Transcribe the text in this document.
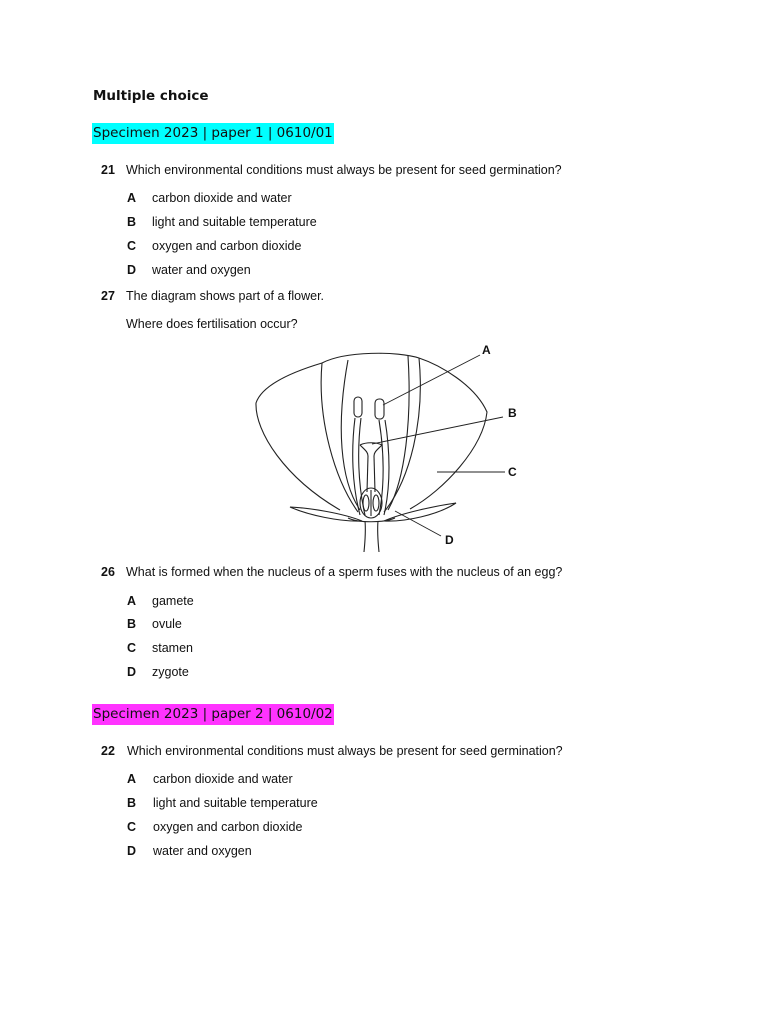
Multiple choice
Specimen 2023 | paper 1 | 0610/01
21 Which environmental conditions must always be present for seed germination?
A carbon dioxide and water
B light and suitable temperature
C oxygen and carbon dioxide
D water and oxygen
27 The diagram shows part of a flower.
Where does fertilisation occur?
A
B
C
D
26 What is formed when the nucleus of a sperm fuses with the nucleus of an egg?
A gamete
B ovule
C stamen
D zygote
Specimen 2023 | paper 2 | 0610/02
22 Which environmental conditions must always be present for seed germination?
A carbon dioxide and water
B light and suitable temperature
C oxygen and carbon dioxide
D water and oxygen
